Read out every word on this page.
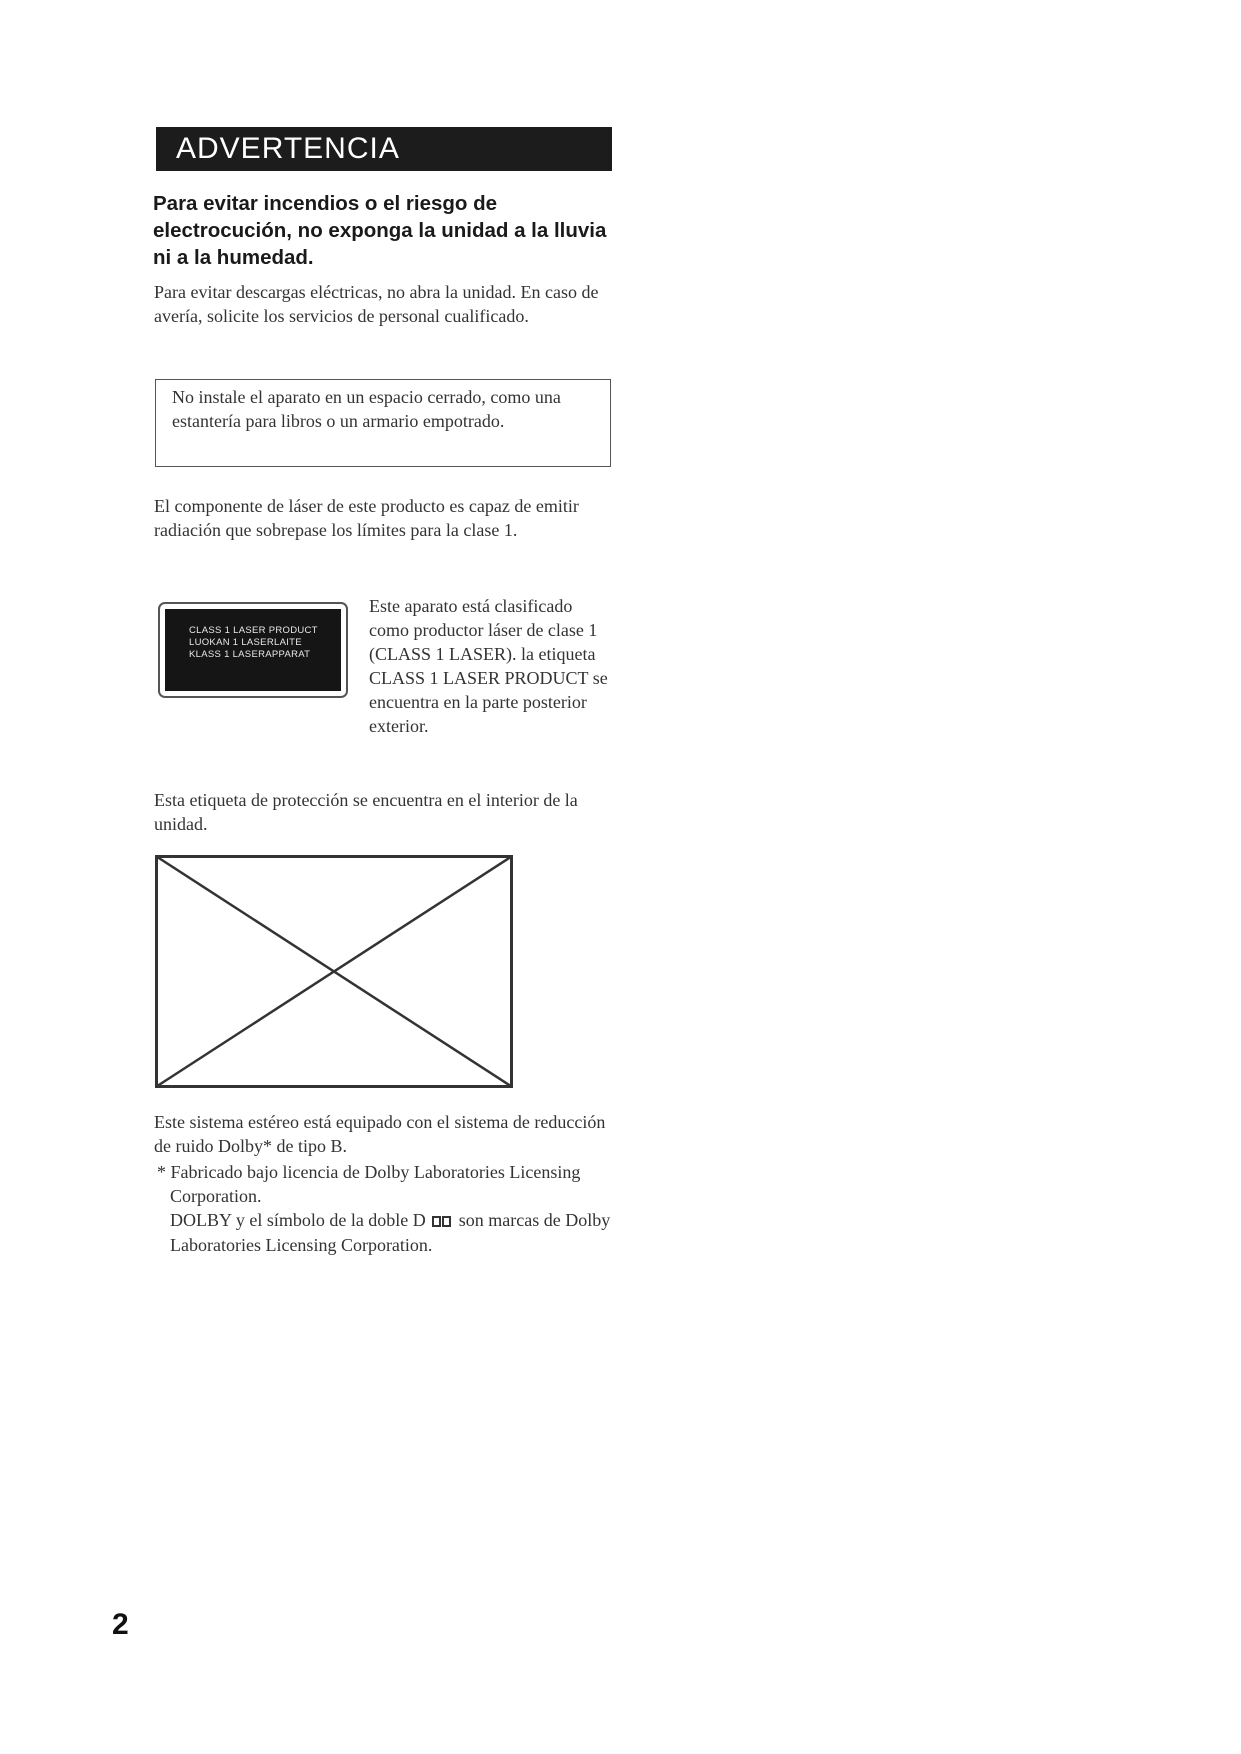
ADVERTENCIA
Para evitar incendios o el riesgo de electrocución, no exponga la unidad a la lluvia ni a la humedad.
Para evitar descargas eléctricas, no abra la unidad. En caso de avería, solicite los servicios de personal cualificado.
No instale el aparato en un espacio cerrado, como una estantería para libros o un armario empotrado.
El componente de láser de este producto es capaz de emitir radiación que sobrepase los límites para la clase 1.
CLASS 1 LASER PRODUCT
LUOKAN 1 LASERLAITE
KLASS 1 LASERAPPARAT
Este aparato está clasificado como productor láser de clase 1 (CLASS 1 LASER). la etiqueta CLASS 1 LASER PRODUCT se encuentra en la parte posterior exterior.
Esta etiqueta de protección se encuentra en el interior de la unidad.
Este sistema estéreo está equipado con el sistema de reducción de ruido Dolby* de tipo B.
* Fabricado bajo licencia de Dolby Laboratories Licensing Corporation.
DOLBY y el símbolo de la doble D son marcas de Dolby Laboratories Licensing Corporation.
2
